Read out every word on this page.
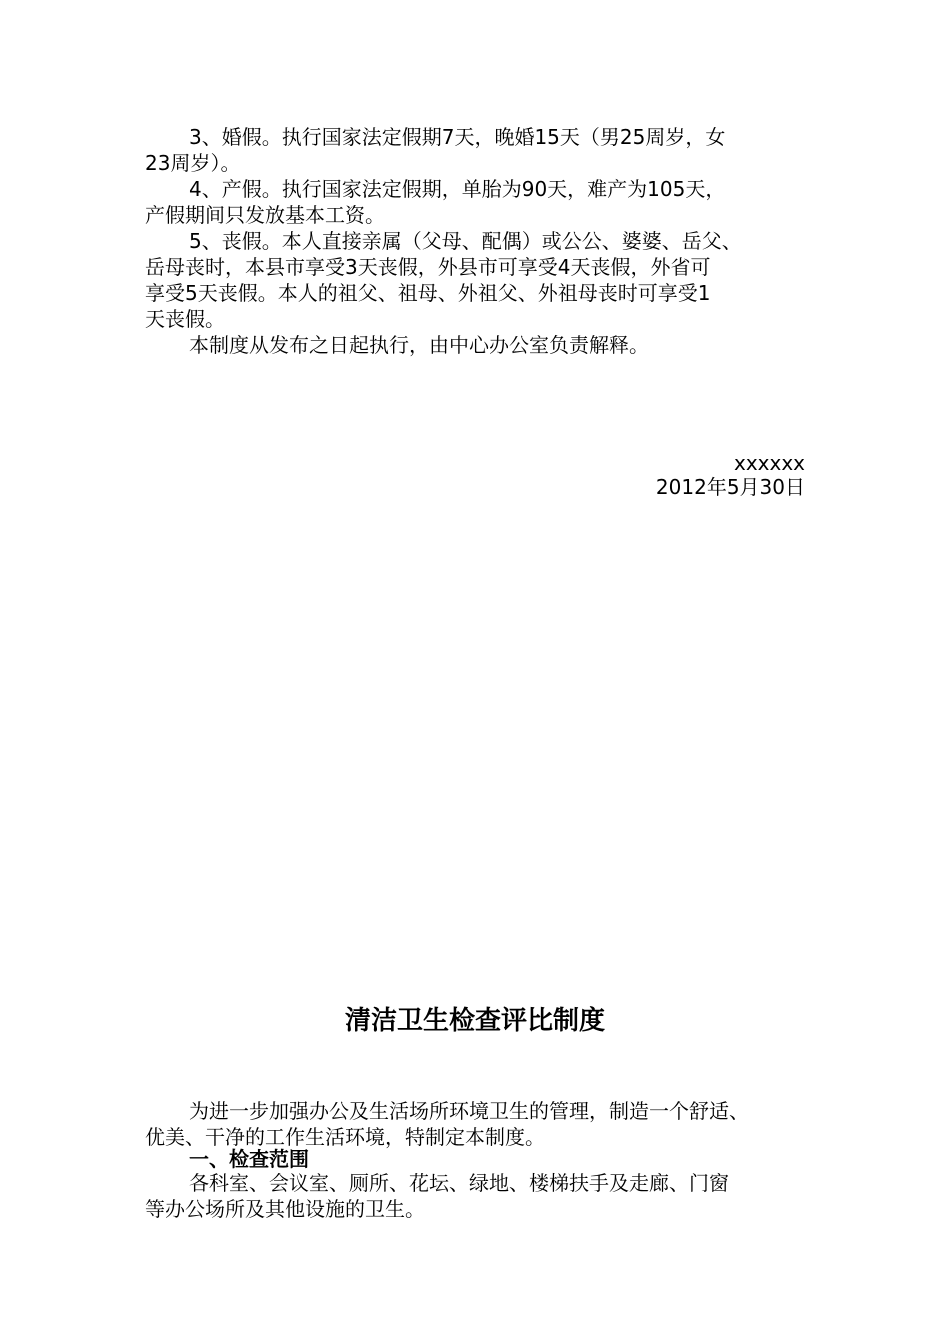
3、婚假。执行国家法定假期7天，晚婚15天（男25周岁，女
23周岁）。
4、产假。执行国家法定假期，单胎为90天，难产为105天，
产假期间只发放基本工资。
5、丧假。本人直接亲属（父母、配偶）或公公、婆婆、岳父、
岳母丧时，本县市享受3天丧假，外县市可享受4天丧假，外省可
享受5天丧假。本人的祖父、祖母、外祖父、外祖母丧时可享受1
天丧假。
本制度从发布之日起执行，由中心办公室负责解释。
xxxxxx
2012年5月30日
清洁卫生检查评比制度
为进一步加强办公及生活场所环境卫生的管理，制造一个舒适、
优美、干净的工作生活环境，特制定本制度。
一、检查范围
各科室、会议室、厕所、花坛、绿地、楼梯扶手及走廊、门窗
等办公场所及其他设施的卫生。
